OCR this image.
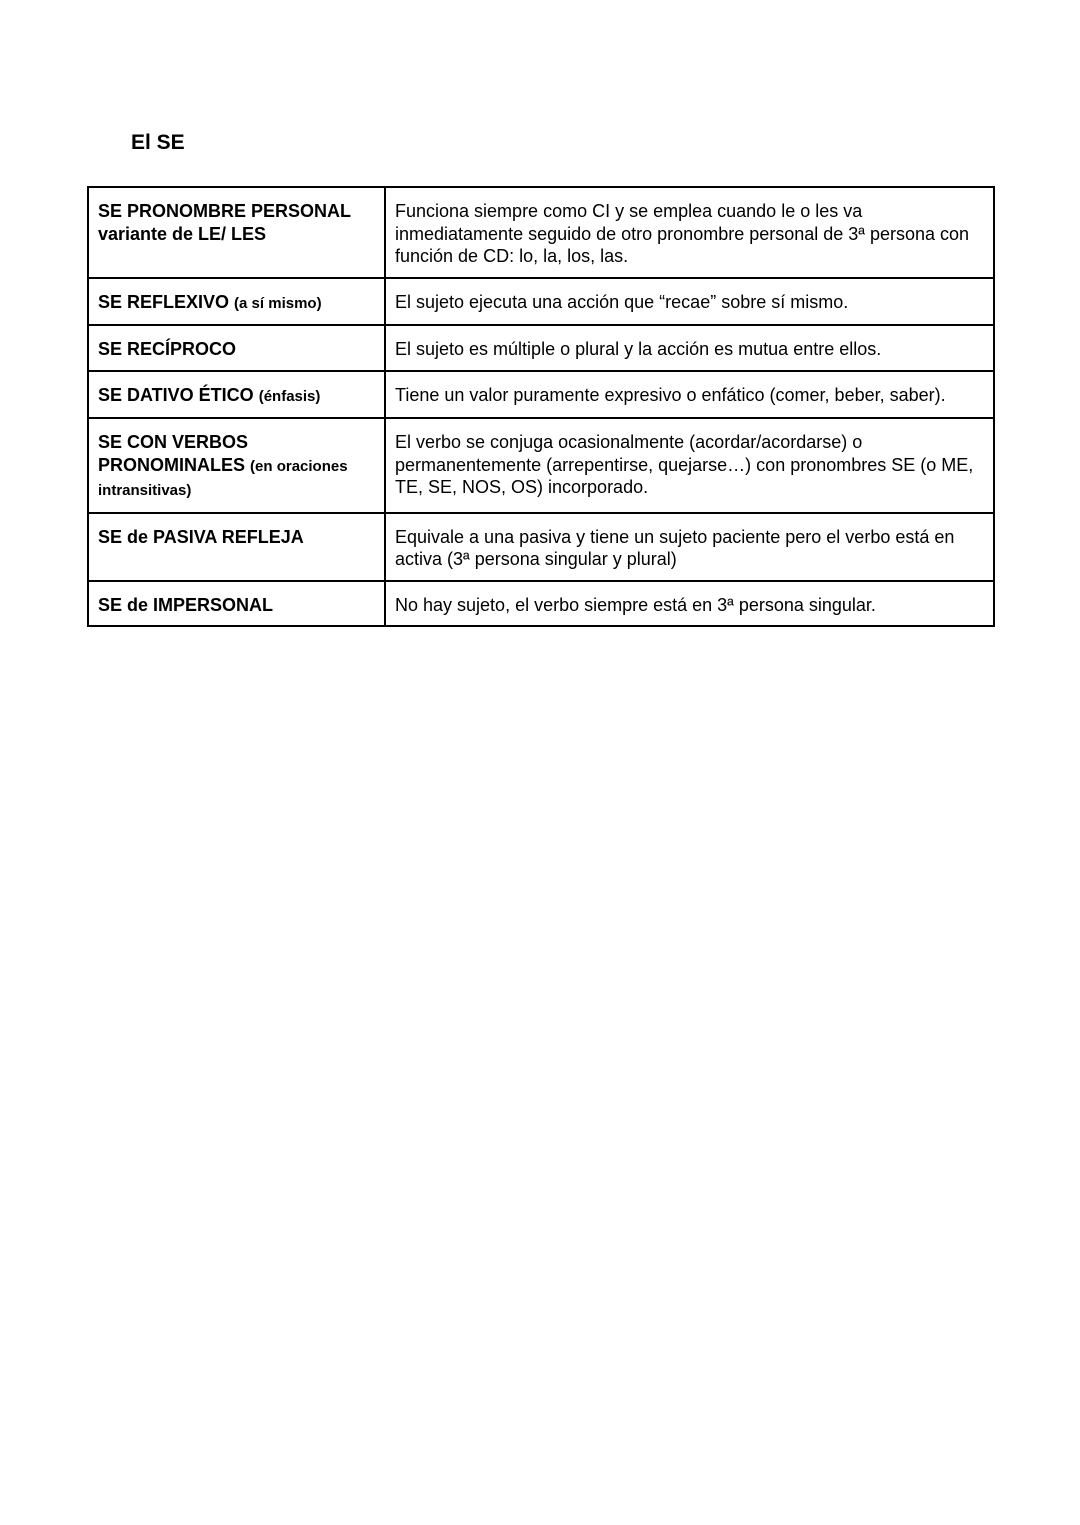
El SE
SE PRONOMBRE PERSONAL variante de LE/ LES	Funciona siempre como CI y se emplea cuando le o les va inmediatamente seguido de otro pronombre personal de 3ª persona con función de CD: lo, la, los, las.
SE REFLEXIVO (a sí mismo)	El sujeto ejecuta una acción que “recae” sobre sí mismo.
SE RECÍPROCO	El sujeto es múltiple o plural y la acción es mutua entre ellos.
SE DATIVO ÉTICO (énfasis)	Tiene un valor puramente expresivo o enfático (comer, beber, saber).
SE CON VERBOS PRONOMINALES (en oraciones intransitivas)	El verbo se conjuga ocasionalmente (acordar/acordarse) o permanentemente (arrepentirse, quejarse…) con pronombres SE (o ME, TE, SE, NOS, OS) incorporado.
SE de PASIVA REFLEJA	Equivale a una pasiva y tiene un sujeto paciente pero el verbo está en activa (3ª persona singular y plural)
SE de IMPERSONAL	No hay sujeto, el verbo siempre está en 3ª persona singular.
